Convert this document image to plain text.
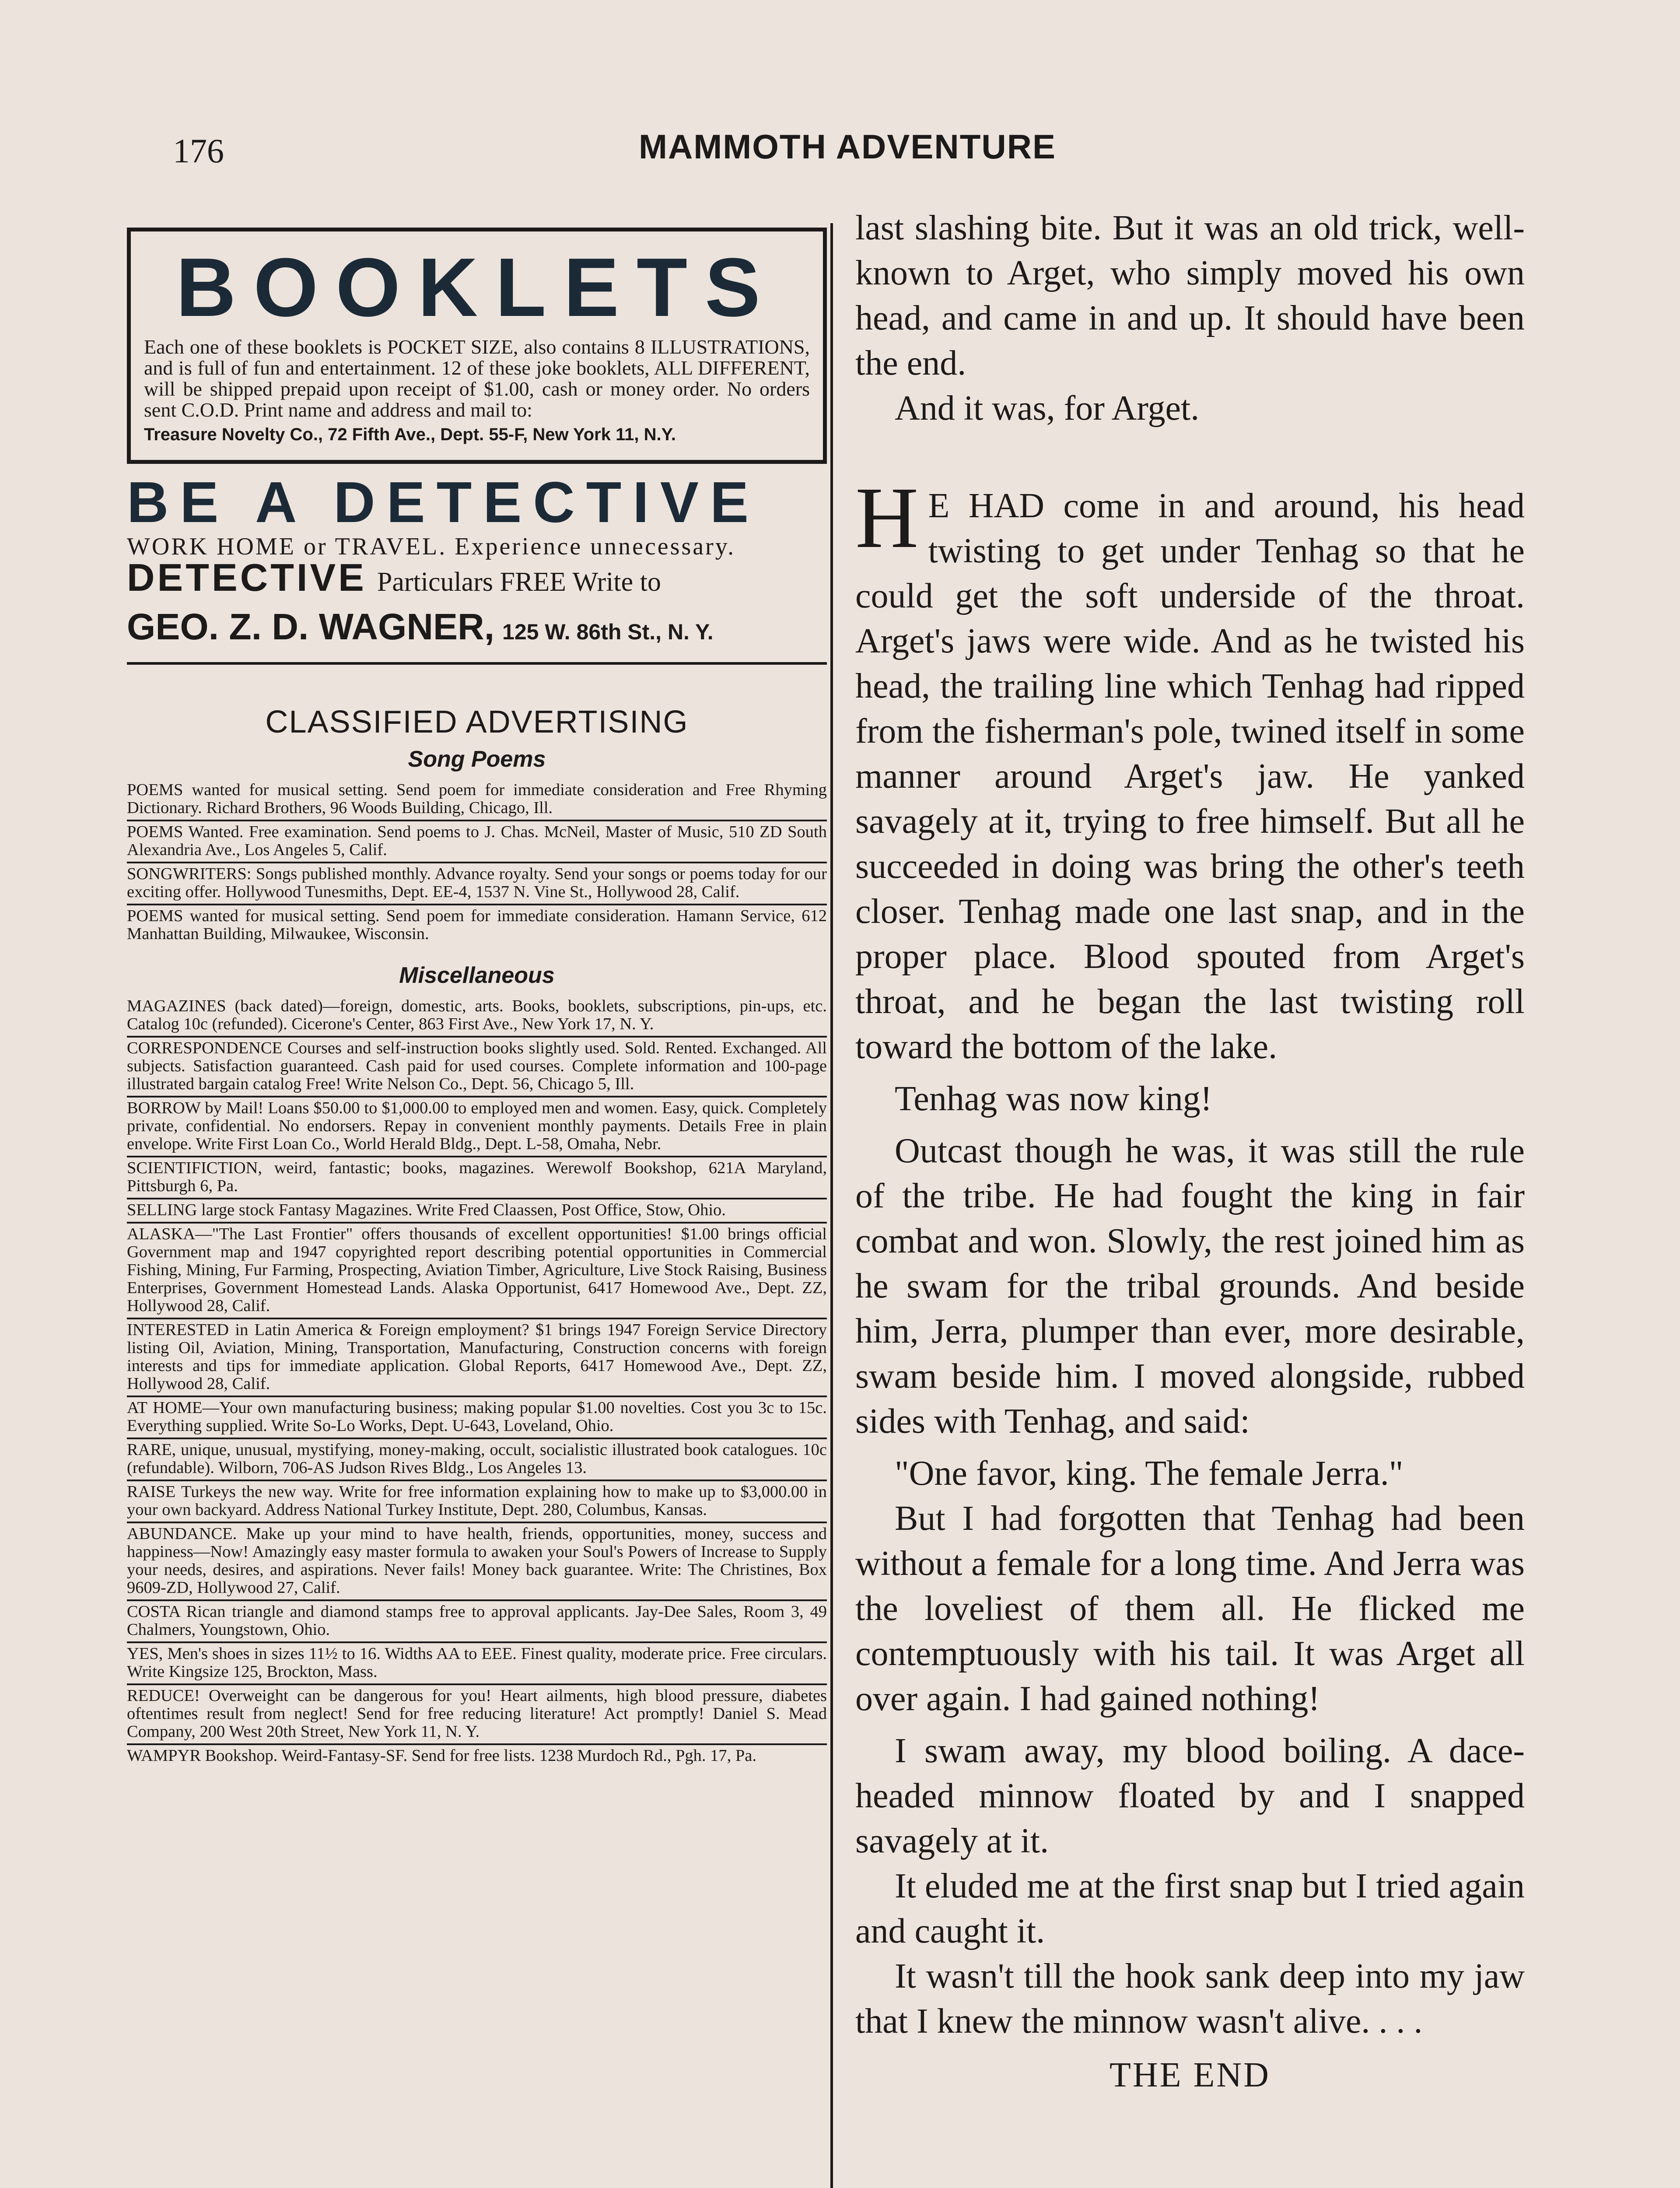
176	MAMMOTH ADVENTURE
BOOKLETS
Each one of these booklets is POCKET SIZE, also contains 8 ILLUSTRATIONS, and is full of fun and entertainment. 12 of these joke booklets, ALL DIFFERENT, will be shipped prepaid upon receipt of $1.00, cash or money order. No orders sent C.O.D. Print name and address and mail to:
Treasure Novelty Co., 72 Fifth Ave., Dept. 55-F, New York 11, N.Y.
BE A DETECTIVE
WORK HOME or TRAVEL. Experience unnecessary.
DETECTIVE Particulars FREE Write to
GEO. Z. D. WAGNER, 125 W. 86th St., N. Y.
CLASSIFIED ADVERTISING
Song Poems
POEMS wanted for musical setting. Send poem for immediate consideration and Free Rhyming Dictionary. Richard Brothers, 96 Woods Building, Chicago, Ill.
POEMS Wanted. Free examination. Send poems to J. Chas. McNeil, Master of Music, 510 ZD South Alexandria Ave., Los Angeles 5, Calif.
SONGWRITERS: Songs published monthly. Advance royalty. Send your songs or poems today for our exciting offer. Hollywood Tunesmiths, Dept. EE-4, 1537 N. Vine St., Hollywood 28, Calif.
POEMS wanted for musical setting. Send poem for immediate consideration. Hamann Service, 612 Manhattan Building, Milwaukee, Wisconsin.
Miscellaneous
MAGAZINES (back dated)—foreign, domestic, arts. Books, booklets, subscriptions, pin-ups, etc. Catalog 10c (refunded). Cicerone's Center, 863 First Ave., New York 17, N. Y.
CORRESPONDENCE Courses and self-instruction books slightly used. Sold. Rented. Exchanged. All subjects. Satisfaction guaranteed. Cash paid for used courses. Complete information and 100-page illustrated bargain catalog Free! Write Nelson Co., Dept. 56, Chicago 5, Ill.
BORROW by Mail! Loans $50.00 to $1,000.00 to employed men and women. Easy, quick. Completely private, confidential. No endorsers. Repay in convenient monthly payments. Details Free in plain envelope. Write First Loan Co., World Herald Bldg., Dept. L-58, Omaha, Nebr.
SCIENTIFICTION, weird, fantastic; books, magazines. Werewolf Bookshop, 621A Maryland, Pittsburgh 6, Pa.
SELLING large stock Fantasy Magazines. Write Fred Claassen, Post Office, Stow, Ohio.
ALASKA—"The Last Frontier" offers thousands of excellent opportunities! $1.00 brings official Government map and 1947 copyrighted report describing potential opportunities in Commercial Fishing, Mining, Fur Farming, Prospecting, Aviation Timber, Agriculture, Live Stock Raising, Business Enterprises, Government Homestead Lands. Alaska Opportunist, 6417 Homewood Ave., Dept. ZZ, Hollywood 28, Calif.
INTERESTED in Latin America & Foreign employment? $1 brings 1947 Foreign Service Directory listing Oil, Aviation, Mining, Transportation, Manufacturing, Construction concerns with foreign interests and tips for immediate application. Global Reports, 6417 Homewood Ave., Dept. ZZ, Hollywood 28, Calif.
AT HOME—Your own manufacturing business; making popular $1.00 novelties. Cost you 3c to 15c. Everything supplied. Write So-Lo Works, Dept. U-643, Loveland, Ohio.
RARE, unique, unusual, mystifying, money-making, occult, socialistic illustrated book catalogues. 10c (refundable). Wilborn, 706-AS Judson Rives Bldg., Los Angeles 13.
RAISE Turkeys the new way. Write for free information explaining how to make up to $3,000.00 in your own backyard. Address National Turkey Institute, Dept. 280, Columbus, Kansas.
ABUNDANCE. Make up your mind to have health, friends, opportunities, money, success and happiness—Now! Amazingly easy master formula to awaken your Soul's Powers of Increase to Supply your needs, desires, and aspirations. Never fails! Money back guarantee. Write: The Christines, Box 9609-ZD, Hollywood 27, Calif.
COSTA Rican triangle and diamond stamps free to approval applicants. Jay-Dee Sales, Room 3, 49 Chalmers, Youngstown, Ohio.
YES, Men's shoes in sizes 11½ to 16. Widths AA to EEE. Finest quality, moderate price. Free circulars. Write Kingsize 125, Brockton, Mass.
REDUCE! Overweight can be dangerous for you! Heart ailments, high blood pressure, diabetes oftentimes result from neglect! Send for free reducing literature! Act promptly! Daniel S. Mead Company, 200 West 20th Street, New York 11, N. Y.
WAMPYR Bookshop. Weird-Fantasy-SF. Send for free lists. 1238 Murdoch Rd., Pgh. 17, Pa.

last slashing bite. But it was an old trick, well-known to Arget, who simply moved his own head, and came in and up. It should have been the end.

And it was, for Arget.

H E HAD come in and around, his head twisting to get under Tenhag so that he could get the soft underside of the throat. Arget's jaws were wide. And as he twisted his head, the trailing line which Tenhag had ripped from the fisherman's pole, twined itself in some manner around Arget's jaw. He yanked savagely at it, trying to free himself. But all he succeeded in doing was bring the other's teeth closer. Tenhag made one last snap, and in the proper place. Blood spouted from Arget's throat, and he began the last twisting roll toward the bottom of the lake.

Tenhag was now king!

Outcast though he was, it was still the rule of the tribe. He had fought the king in fair combat and won. Slowly, the rest joined him as he swam for the tribal grounds. And beside him, Jerra, plumper than ever, more desirable, swam beside him. I moved alongside, rubbed sides with Tenhag, and said:

"One favor, king. The female Jerra."

But I had forgotten that Tenhag had been without a female for a long time. And Jerra was the loveliest of them all. He flicked me contemptuously with his tail. It was Arget all over again. I had gained nothing!

I swam away, my blood boiling. A dace-headed minnow floated by and I snapped savagely at it.

It eluded me at the first snap but I tried again and caught it.

It wasn't till the hook sank deep into my jaw that I knew the minnow wasn't alive. . . .

THE END
